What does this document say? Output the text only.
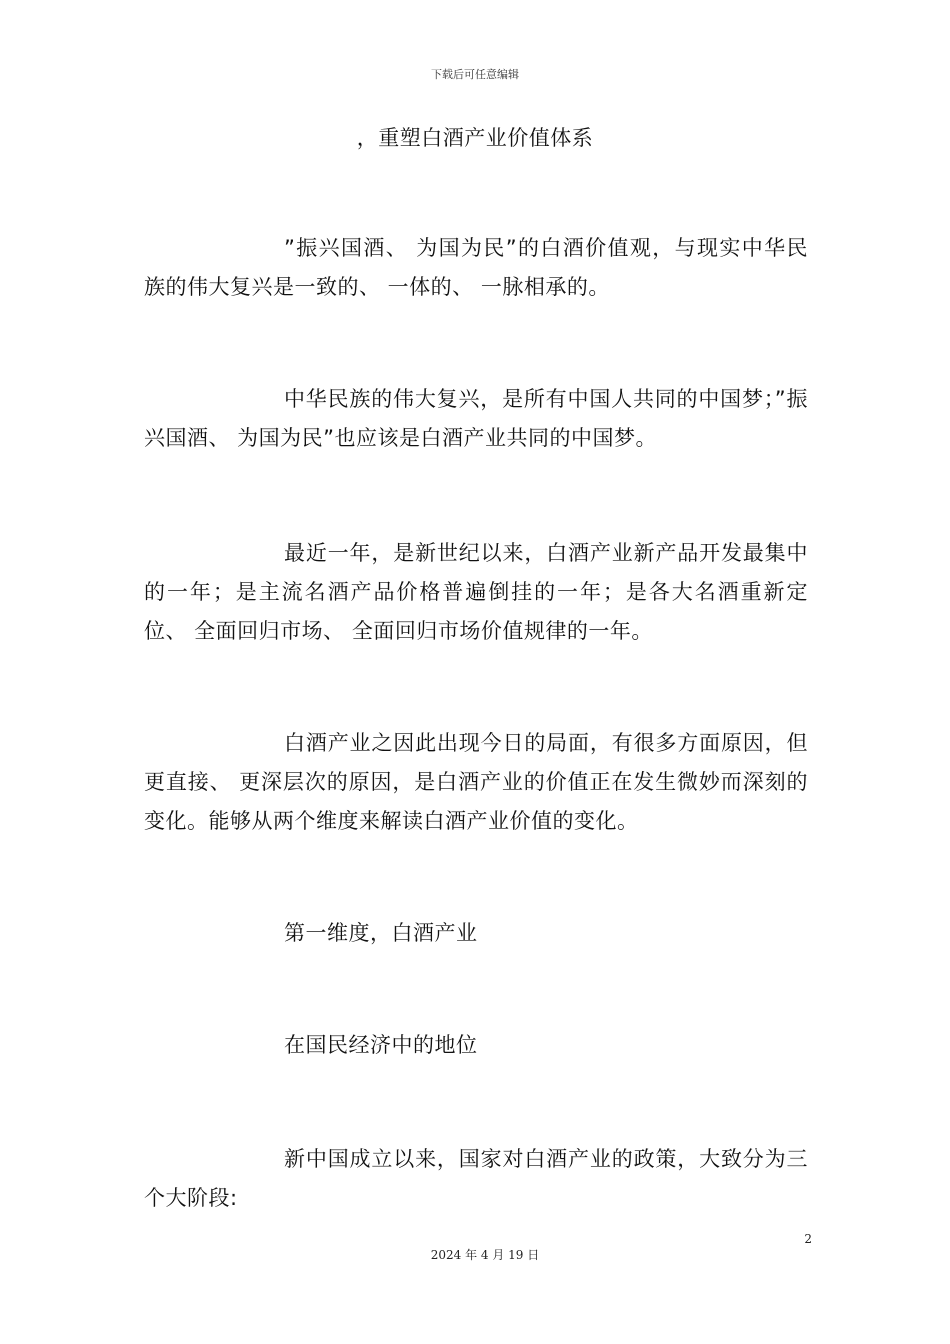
下载后可任意编辑
，重塑白酒产业价值体系

”振兴国酒、 为国为民”的白酒价值观，与现实中华民族的伟大复兴是一致的、 一体的、 一脉相承的。

中华民族的伟大复兴，是所有中国人共同的中国梦；”振兴国酒、 为国为民”也应该是白酒产业共同的中国梦。

最近一年，是新世纪以来，白酒产业新产品开发最集中的一年；是主流名酒产品价格普遍倒挂的一年；是各大名酒重新定位、 全面回归市场、 全面回归市场价值规律的一年。

白酒产业之因此出现今日的局面，有很多方面原因，但更直接、 更深层次的原因，是白酒产业的价值正在发生微妙而深刻的变化。能够从两个维度来解读白酒产业价值的变化。

第一维度，白酒产业

在国民经济中的地位

新中国成立以来，国家对白酒产业的政策，大致分为三个大阶段:

2
2024 年 4 月 19 日
